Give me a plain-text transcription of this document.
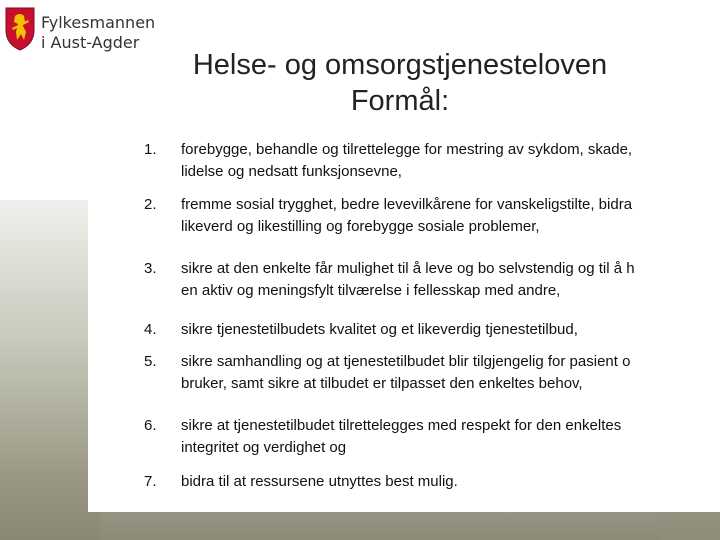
Fylkesmannen
i Aust-Agder
Helse- og omsorgstjenesteloven
Formål:
1. forebygge, behandle og tilrettelegge for mestring av sykdom, skade,
lidelse og nedsatt funksjonsevne,
2. fremme sosial trygghet, bedre levevilkårene for vanskeligstilte, bidra
likeverd og likestilling og forebygge sosiale problemer,
3. sikre at den enkelte får mulighet til å leve og bo selvstendig og til å h
en aktiv og meningsfylt tilværelse i fellesskap med andre,
4. sikre tjenestetilbudets kvalitet og et likeverdig tjenestetilbud,
5. sikre samhandling og at tjenestetilbudet blir tilgjengelig for pasient o
bruker, samt sikre at tilbudet er tilpasset den enkeltes behov,
6. sikre at tjenestetilbudet tilrettelegges med respekt for den enkeltes
integritet og verdighet og
7. bidra til at ressursene utnyttes best mulig.
